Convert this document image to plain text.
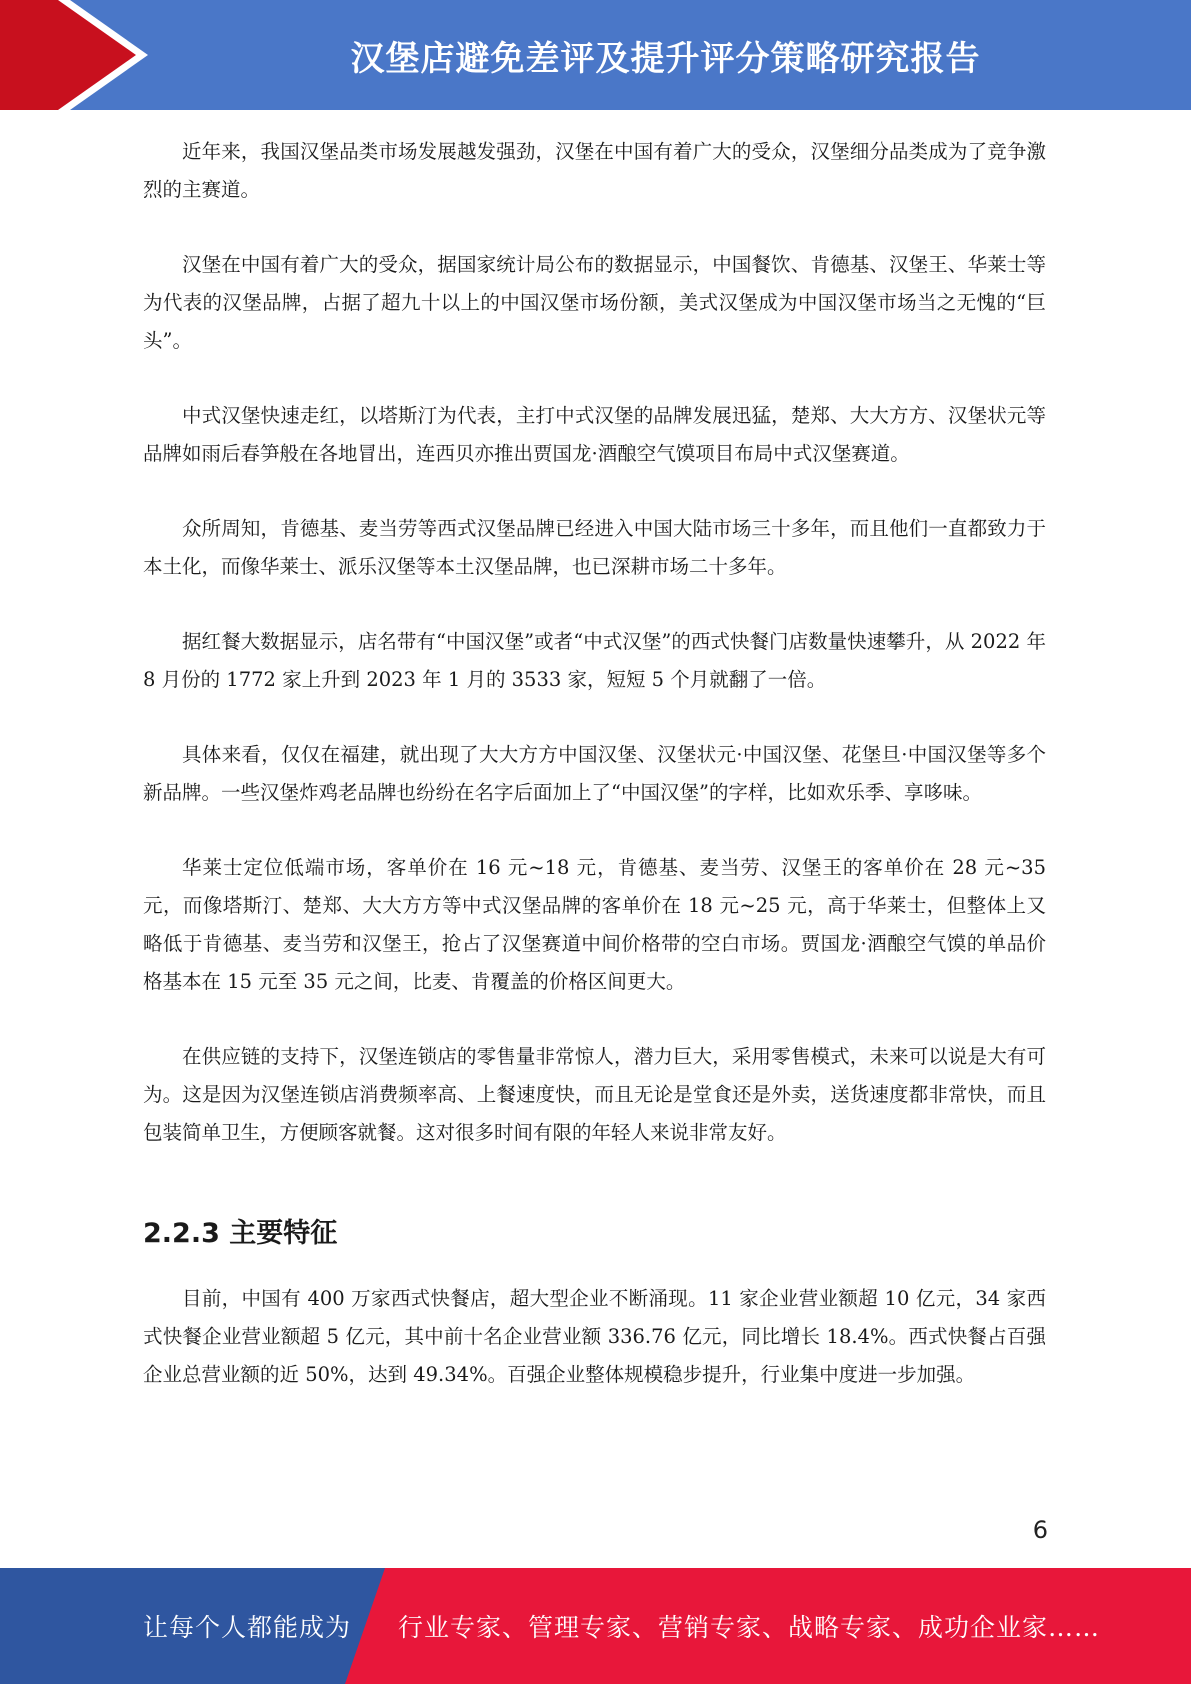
汉堡店避免差评及提升评分策略研究报告

近年来，我国汉堡品类市场发展越发强劲，汉堡在中国有着广大的受众，汉堡细分品类成为了竞争激烈的主赛道。

汉堡在中国有着广大的受众，据国家统计局公布的数据显示，中国餐饮、肯德基、汉堡王、华莱士等为代表的汉堡品牌，占据了超九十以上的中国汉堡市场份额，美式汉堡成为中国汉堡市场当之无愧的“巨头”。

中式汉堡快速走红，以塔斯汀为代表，主打中式汉堡的品牌发展迅猛，楚郑、大大方方、汉堡状元等品牌如雨后春笋般在各地冒出，连西贝亦推出贾国龙·酒酿空气馍项目布局中式汉堡赛道。

众所周知，肯德基、麦当劳等西式汉堡品牌已经进入中国大陆市场三十多年，而且他们一直都致力于本土化，而像华莱士、派乐汉堡等本土汉堡品牌，也已深耕市场二十多年。

据红餐大数据显示，店名带有“中国汉堡”或者“中式汉堡”的西式快餐门店数量快速攀升，从 2022 年 8 月份的 1772 家上升到 2023 年 1 月的 3533 家，短短 5 个月就翻了一倍。

具体来看，仅仅在福建，就出现了大大方方中国汉堡、汉堡状元·中国汉堡、花堡旦·中国汉堡等多个新品牌。一些汉堡炸鸡老品牌也纷纷在名字后面加上了“中国汉堡”的字样，比如欢乐季、享哆味。

华莱士定位低端市场，客单价在 16 元~18 元，肯德基、麦当劳、汉堡王的客单价在 28 元~35 元，而像塔斯汀、楚郑、大大方方等中式汉堡品牌的客单价在 18 元~25 元，高于华莱士，但整体上又略低于肯德基、麦当劳和汉堡王，抢占了汉堡赛道中间价格带的空白市场。贾国龙·酒酿空气馍的单品价格基本在 15 元至 35 元之间，比麦、肯覆盖的价格区间更大。

在供应链的支持下，汉堡连锁店的零售量非常惊人，潜力巨大，采用零售模式，未来可以说是大有可为。这是因为汉堡连锁店消费频率高、上餐速度快，而且无论是堂食还是外卖，送货速度都非常快，而且包装简单卫生，方便顾客就餐。这对很多时间有限的年轻人来说非常友好。

2.2.3 主要特征

目前，中国有 400 万家西式快餐店，超大型企业不断涌现。11 家企业营业额超 10 亿元，34 家西式快餐企业营业额超 5 亿元，其中前十名企业营业额 336.76 亿元，同比增长 18.4%。西式快餐占百强企业总营业额的近 50%，达到 49.34%。百强企业整体规模稳步提升，行业集中度进一步加强。

6
让每个人都能成为 行业专家、管理专家、营销专家、战略专家、成功企业家……
